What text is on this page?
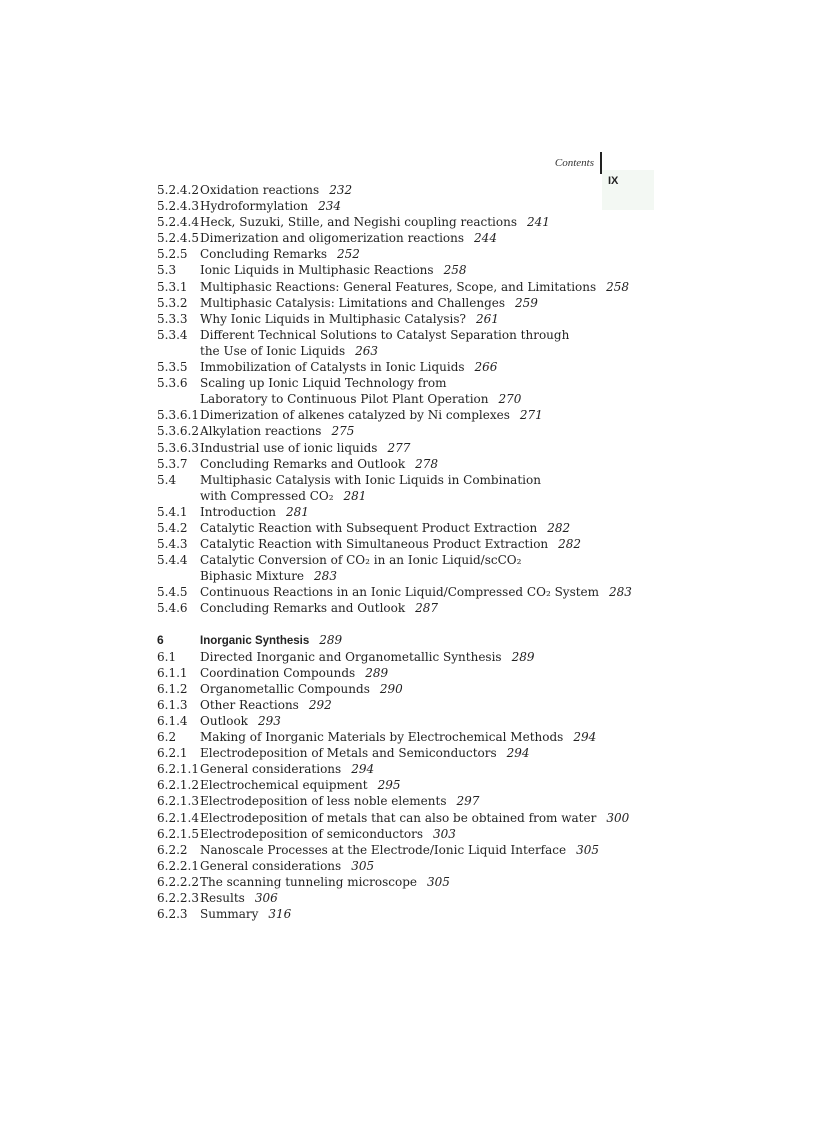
Contents
IX
5.2.4.2 Oxidation reactions 232
5.2.4.3 Hydroformylation 234
5.2.4.4 Heck, Suzuki, Stille, and Negishi coupling reactions 241
5.2.4.5 Dimerization and oligomerization reactions 244
5.2.5	Concluding Remarks 252
5.3	Ionic Liquids in Multiphasic Reactions 258
5.3.1	Multiphasic Reactions: General Features, Scope, and Limitations 258
5.3.2	Multiphasic Catalysis: Limitations and Challenges 259
5.3.3	Why Ionic Liquids in Multiphasic Catalysis? 261
5.3.4	Different Technical Solutions to Catalyst Separation through
the Use of Ionic Liquids 263
5.3.5	Immobilization of Catalysts in Ionic Liquids 266
5.3.6	Scaling up Ionic Liquid Technology from
Laboratory to Continuous Pilot Plant Operation 270
5.3.6.1 Dimerization of alkenes catalyzed by Ni complexes 271
5.3.6.2 Alkylation reactions 275
5.3.6.3 Industrial use of ionic liquids 277
5.3.7	Concluding Remarks and Outlook 278
5.4	Multiphasic Catalysis with Ionic Liquids in Combination
with Compressed CO₂ 281
5.4.1	Introduction 281
5.4.2	Catalytic Reaction with Subsequent Product Extraction 282
5.4.3	Catalytic Reaction with Simultaneous Product Extraction 282
5.4.4	Catalytic Conversion of CO₂ in an Ionic Liquid/scCO₂
Biphasic Mixture 283
5.4.5	Continuous Reactions in an Ionic Liquid/Compressed CO₂ System 283
5.4.6	Concluding Remarks and Outlook 287
6	Inorganic Synthesis 289
6.1	Directed Inorganic and Organometallic Synthesis 289
6.1.1	Coordination Compounds 289
6.1.2	Organometallic Compounds 290
6.1.3	Other Reactions 292
6.1.4	Outlook 293
6.2	Making of Inorganic Materials by Electrochemical Methods 294
6.2.1	Electrodeposition of Metals and Semiconductors 294
6.2.1.1 General considerations 294
6.2.1.2 Electrochemical equipment 295
6.2.1.3 Electrodeposition of less noble elements 297
6.2.1.4 Electrodeposition of metals that can also be obtained from water 300
6.2.1.5 Electrodeposition of semiconductors 303
6.2.2	Nanoscale Processes at the Electrode/Ionic Liquid Interface 305
6.2.2.1 General considerations 305
6.2.2.2 The scanning tunneling microscope 305
6.2.2.3 Results 306
6.2.3	Summary 316
